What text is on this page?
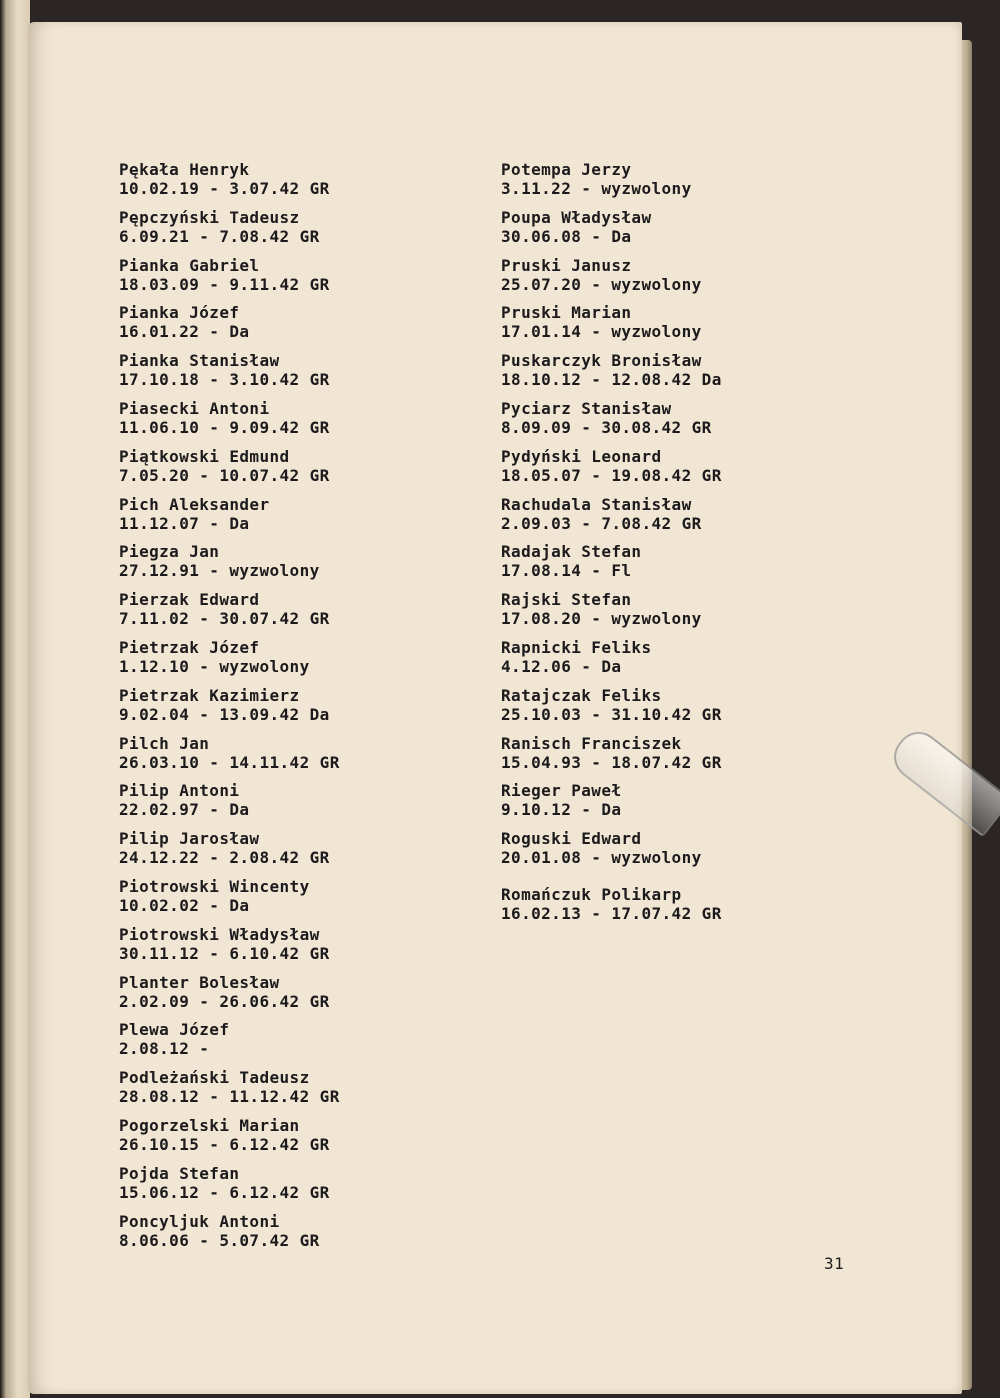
Pękała Henryk
10.02.19 - 3.07.42 GR
Pępczyński Tadeusz
6.09.21 - 7.08.42 GR
Pianka Gabriel
18.03.09 - 9.11.42 GR
Pianka Józef
16.01.22 - Da
Pianka Stanisław
17.10.18 - 3.10.42 GR
Piasecki Antoni
11.06.10 - 9.09.42 GR
Piątkowski Edmund
7.05.20 - 10.07.42 GR
Pich Aleksander
11.12.07 - Da
Piegza Jan
27.12.91 - wyzwolony
Pierzak Edward
7.11.02 - 30.07.42 GR
Pietrzak Józef
1.12.10 - wyzwolony
Pietrzak Kazimierz
9.02.04 - 13.09.42 Da
Pilch Jan
26.03.10 - 14.11.42 GR
Pilip Antoni
22.02.97 - Da
Pilip Jarosław
24.12.22 - 2.08.42 GR
Piotrowski Wincenty
10.02.02 - Da
Piotrowski Władysław
30.11.12 - 6.10.42 GR
Planter Bolesław
2.02.09 - 26.06.42 GR
Plewa Józef
2.08.12 -
Podleżański Tadeusz
28.08.12 - 11.12.42 GR
Pogorzelski Marian
26.10.15 - 6.12.42 GR
Pojda Stefan
15.06.12 - 6.12.42 GR
Poncyljuk Antoni
8.06.06 - 5.07.42 GR
Potempa Jerzy
3.11.22 - wyzwolony
Poupa Władysław
30.06.08 - Da
Pruski Janusz
25.07.20 - wyzwolony
Pruski Marian
17.01.14 - wyzwolony
Puskarczyk Bronisław
18.10.12 - 12.08.42 Da
Pyciarz Stanisław
8.09.09 - 30.08.42 GR
Pydyński Leonard
18.05.07 - 19.08.42 GR
Rachudala Stanisław
2.09.03 - 7.08.42 GR
Radajak Stefan
17.08.14 - Fl
Rajski Stefan
17.08.20 - wyzwolony
Rapnicki Feliks
4.12.06 - Da
Ratajczak Feliks
25.10.03 - 31.10.42 GR
Ranisch Franciszek
15.04.93 - 18.07.42 GR
Rieger Paweł
9.10.12 - Da
Roguski Edward
20.01.08 - wyzwolony
Romańczuk Polikarp
16.02.13 - 17.07.42 GR
31
